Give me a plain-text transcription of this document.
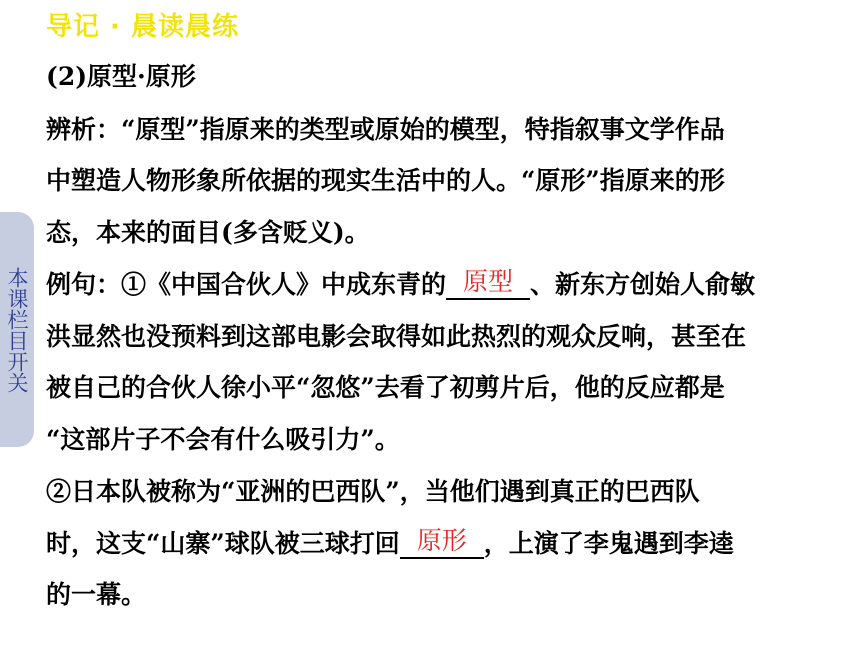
导记 · 晨读晨练
本课栏目开关
(2)原型·原形
辨析：“原型”指原来的类型或原始的模型，特指叙事文学作品
中塑造人物形象所依据的现实生活中的人。“原形”指原来的形
态，本来的面目(多含贬义)。
例句：①《中国合伙人》中成东青的 原型 、新东方创始人俞敏
洪显然也没预料到这部电影会取得如此热烈的观众反响，甚至在
被自己的合伙人徐小平“忽悠”去看了初剪片后，他的反应都是
“这部片子不会有什么吸引力”。
②日本队被称为“亚洲的巴西队”，当他们遇到真正的巴西队
时，这支“山寨”球队被三球打回 原形 ，上演了李鬼遇到李逵
的一幕。
